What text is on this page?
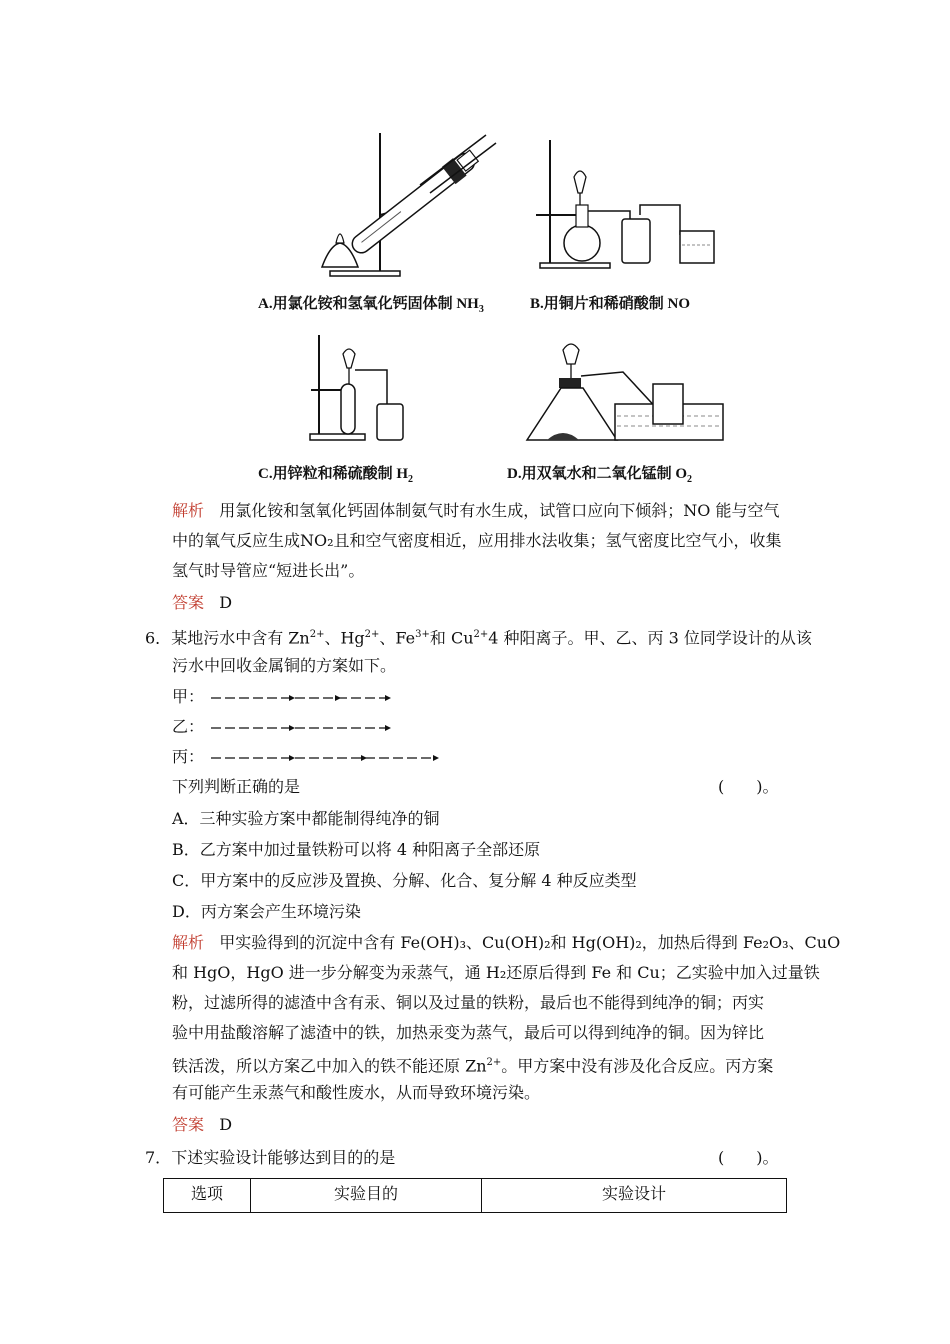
A.用氯化铵和氢氧化钙固体制 $NH_3$	B.用铜片和稀硝酸制 NO
C.用锌粒和稀硫酸制 $H_2$	D.用双氧水和二氧化锰制 $O_2$
解析 用氯化铵和氢氧化钙固体制氨气时有水生成，试管口应向下倾斜；NO 能与空气
中的氧气反应生成NO₂且和空气密度相近，应用排水法收集；氢气密度比空气小，收集
氢气时导管应“短进长出”。
答案 D
6．某地污水中含有 $Zn^{2+}$、$Hg^{2+}$、$Fe^{3+}$和 $Cu^{2+}4$ 种阳离子。甲、乙、丙 3 位同学设计的从该
污水中回收金属铜的方案如下。
甲：
乙：
丙：
下列判断正确的是	(　　)。
A．三种实验方案中都能制得纯净的铜
B．乙方案中加过量铁粉可以将 4 种阳离子全部还原
C．甲方案中的反应涉及置换、分解、化合、复分解 4 种反应类型
D．丙方案会产生环境污染
解析 甲实验得到的沉淀中含有 Fe(OH)₃、Cu(OH)₂和 Hg(OH)₂，加热后得到 Fe₂O₃、CuO
和 HgO，HgO 进一步分解变为汞蒸气，通 H₂还原后得到 Fe 和 Cu；乙实验中加入过量铁
粉，过滤所得的滤渣中含有汞、铜以及过量的铁粉，最后也不能得到纯净的铜；丙实
验中用盐酸溶解了滤渣中的铁，加热汞变为蒸气，最后可以得到纯净的铜。因为锌比
铁活泼，所以方案乙中加入的铁不能还原 $Zn^{2+}$。甲方案中没有涉及化合反应。丙方案
有可能产生汞蒸气和酸性废水，从而导致环境污染。
答案 D
7．下述实验设计能够达到目的的是	(　　)。
选项	实验目的	实验设计
